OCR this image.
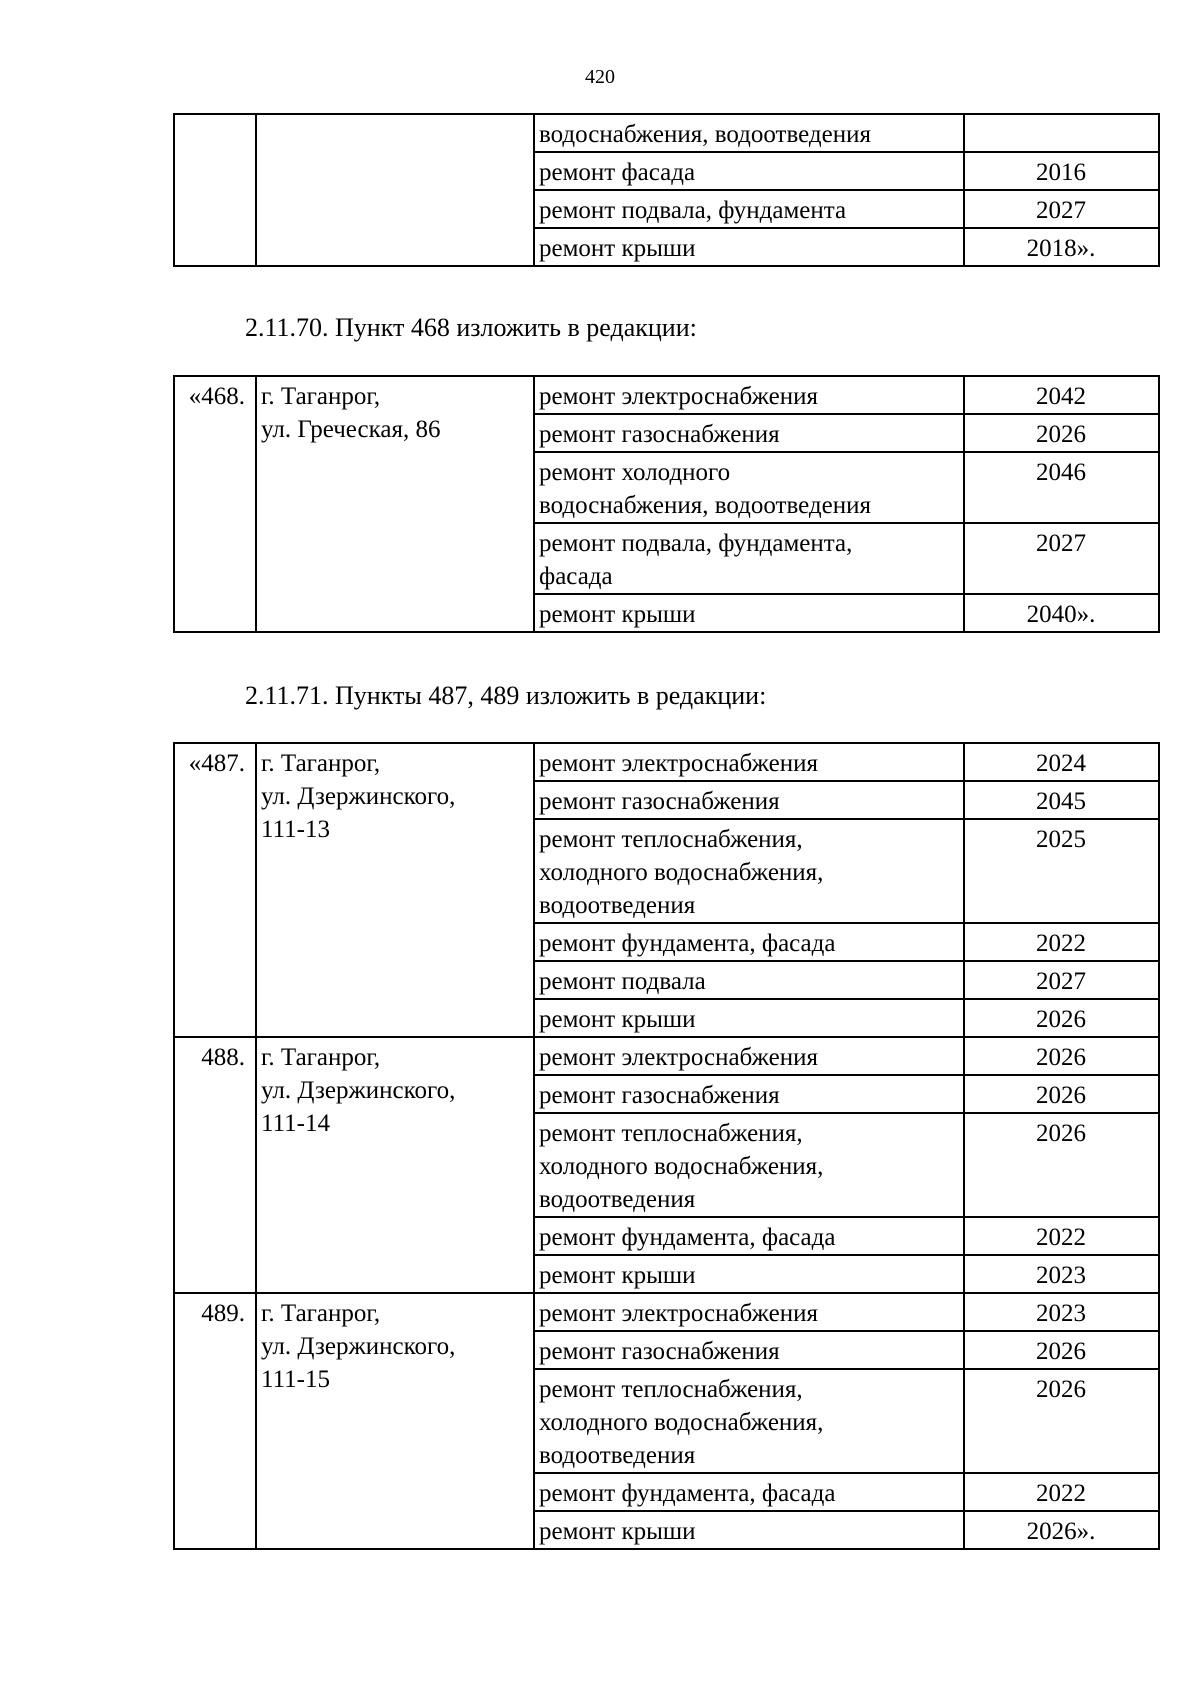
420

		водоснабжения, водоотведения	

		ремонт фасада	2016

		ремонт подвала, фундамента	2027

		ремонт крыши	2018».
2.11.70. Пункт 468 изложить в редакции:
«468.	г. Таганрог,
ул. Греческая, 86	ремонт электроснабжения	2042

		ремонт газоснабжения	2026

		ремонт холодного
водоснабжения, водоотведения	2046

		ремонт подвала, фундамента,
фасада	2027

		ремонт крыши	2040».
2.11.71. Пункты 487, 489 изложить в редакции:
«487.	г. Таганрог,
ул. Дзержинского,
111-13	ремонт электроснабжения	2024

		ремонт газоснабжения	2045

		ремонт теплоснабжения,
холодного водоснабжения,
водоотведения	2025

		ремонт фундамента, фасада	2022

		ремонт подвала	2027

		ремонт крыши	2026
488.	г. Таганрог,
ул. Дзержинского,
111-14	ремонт электроснабжения	2026

		ремонт газоснабжения	2026

		ремонт теплоснабжения,
холодного водоснабжения,
водоотведения	2026

		ремонт фундамента, фасада	2022

		ремонт крыши	2023
489.	г. Таганрог,
ул. Дзержинского,
111-15	ремонт электроснабжения	2023

		ремонт газоснабжения	2026

		ремонт теплоснабжения,
холодного водоснабжения,
водоотведения	2026

		ремонт фундамента, фасада	2022

		ремонт крыши	2026».
